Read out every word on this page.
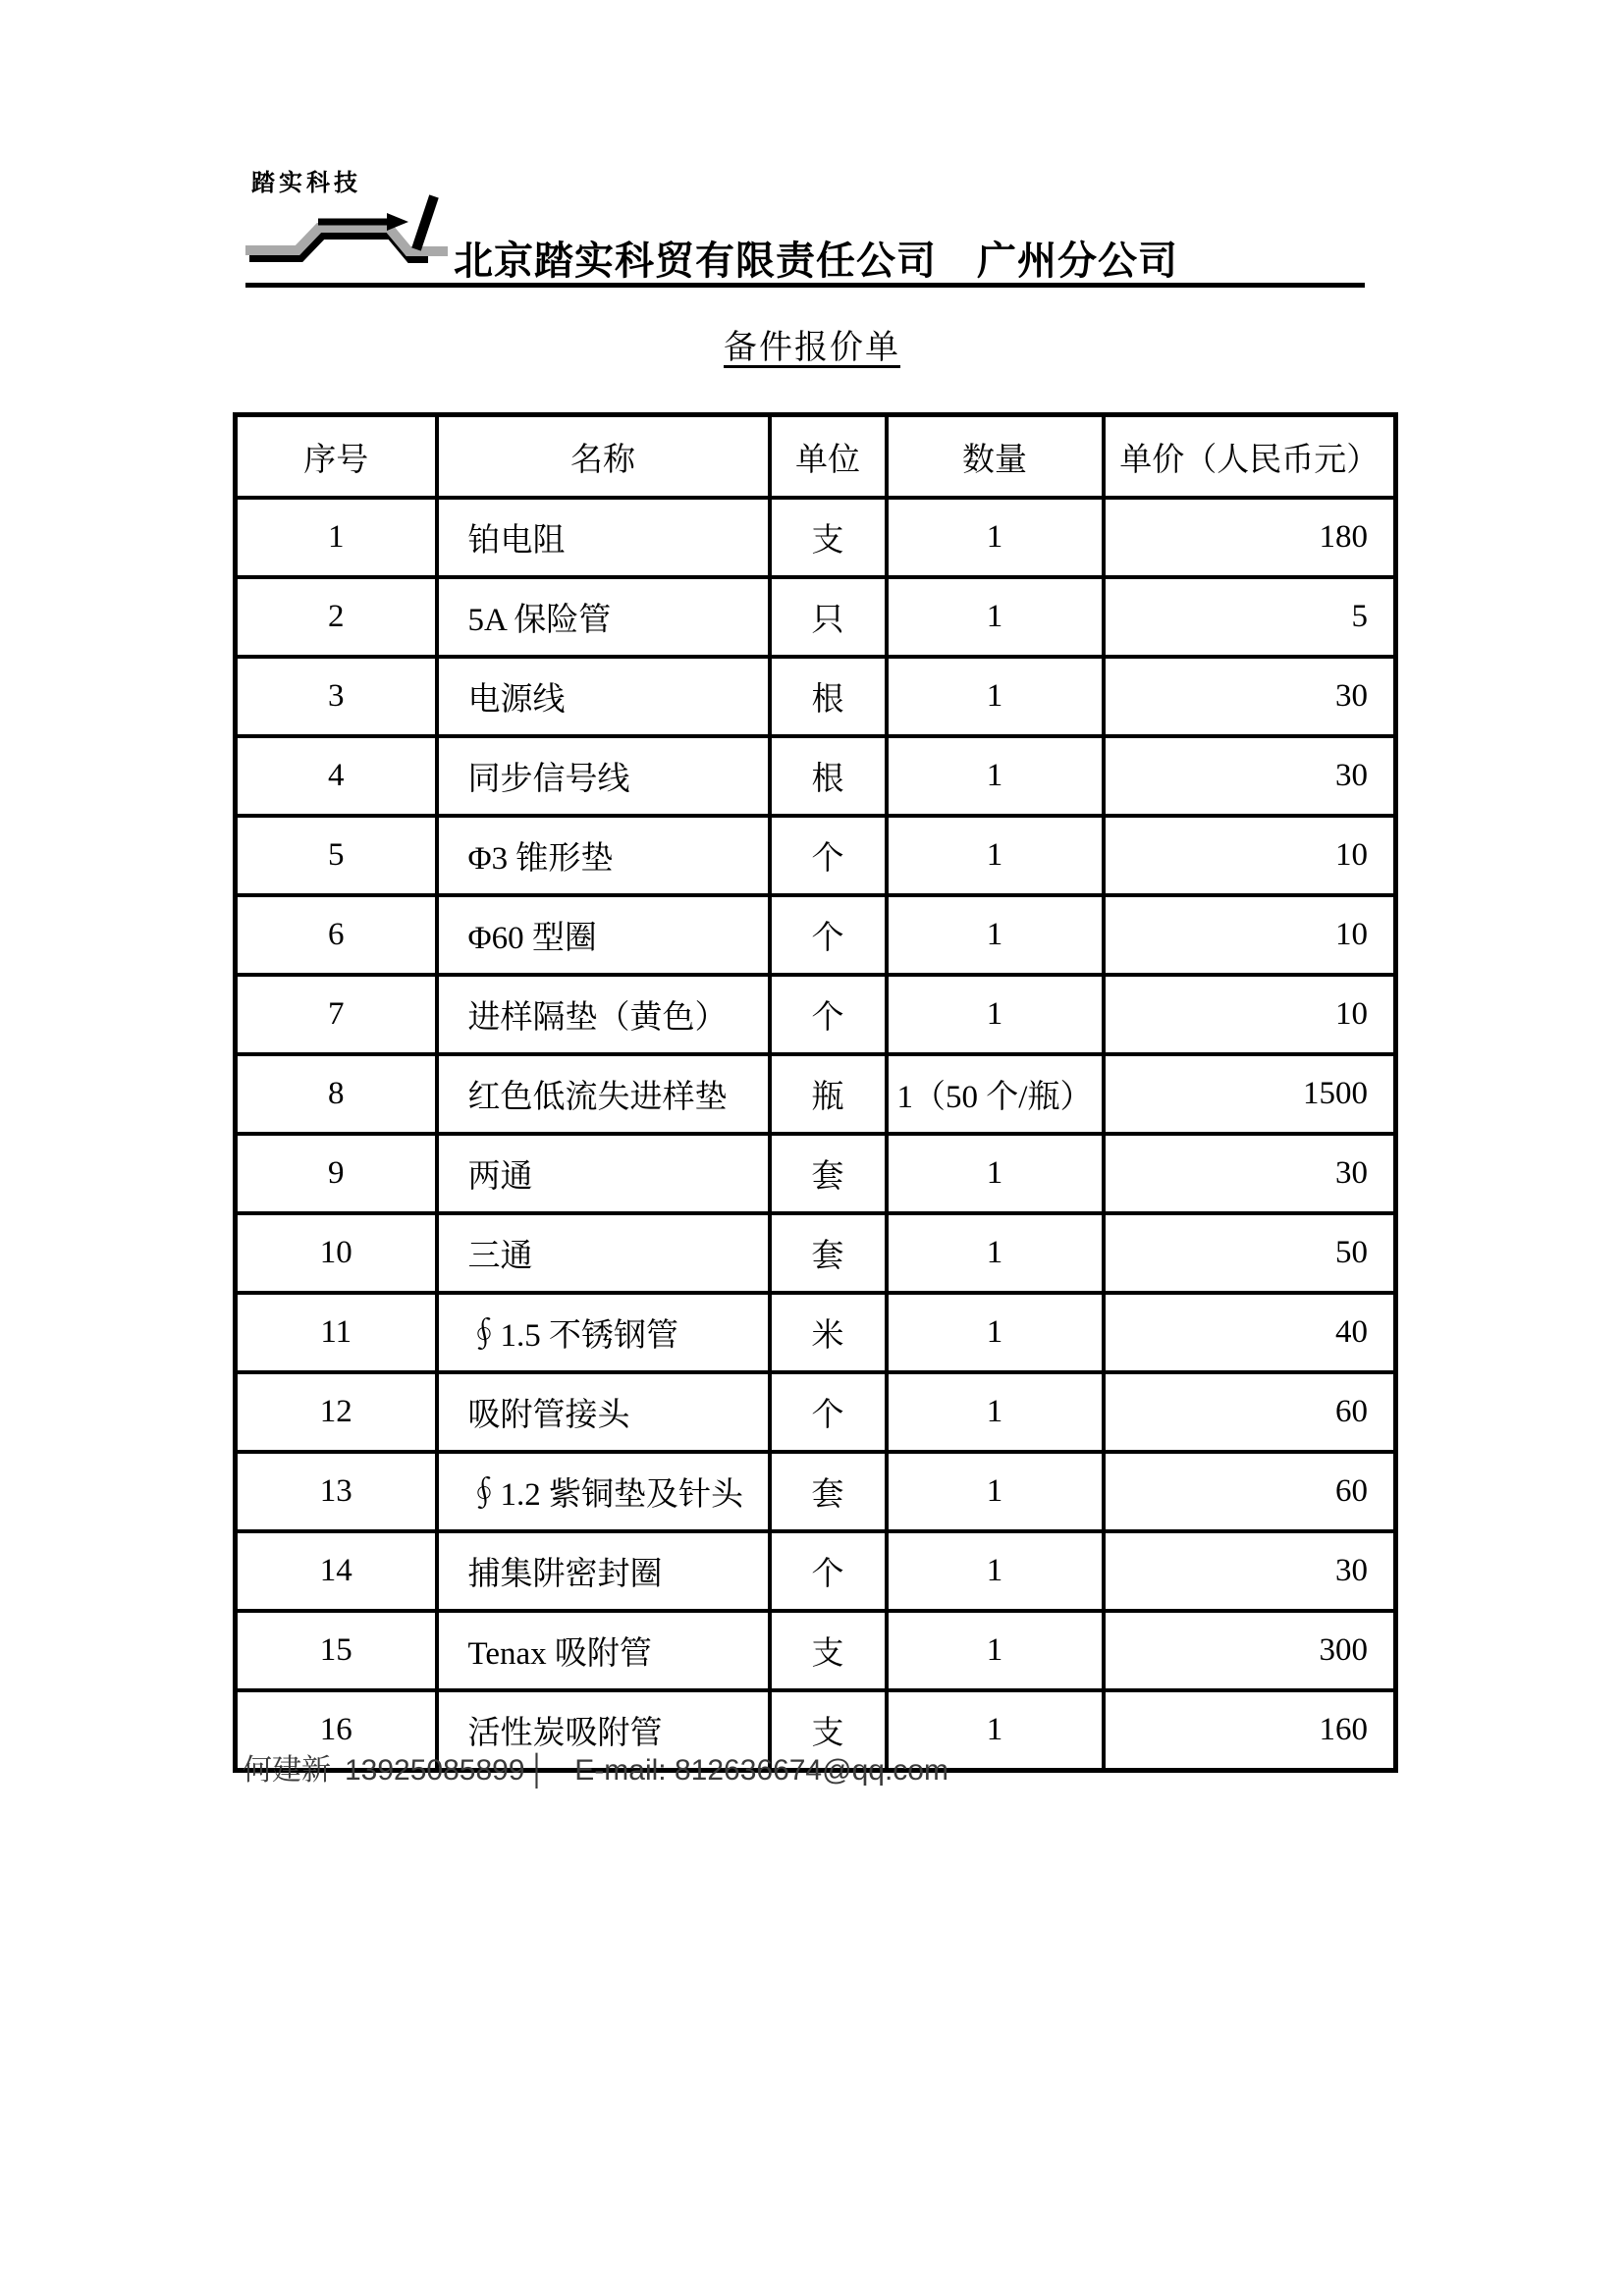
踏实科技
北京踏实科贸有限责任公司　广州分公司
备件报价单
序号	名称	单位	数量	单价（人民币元）
1	铂电阻	支	1	180
2	5A 保险管	只	1	5
3	电源线	根	1	30
4	同步信号线	根	1	30
5	Φ3 锥形垫	个	1	10
6	Φ60 型圈	个	1	10
7	进样隔垫（黄色）	个	1	10
8	红色低流失进样垫	瓶	1（50 个/瓶）	1500
9	两通	套	1	30
10	三通	套	1	50
11	∮1.5 不锈钢管	米	1	40
12	吸附管接头	个	1	60
13	∮1.2 紫铜垫及针头	套	1	60
14	捕集阱密封圈	个	1	30
15	Tenax 吸附管	支	1	300
16	活性炭吸附管	支	1	160
何建新 13925085899 │ E-mail: 812636674@qq.com
